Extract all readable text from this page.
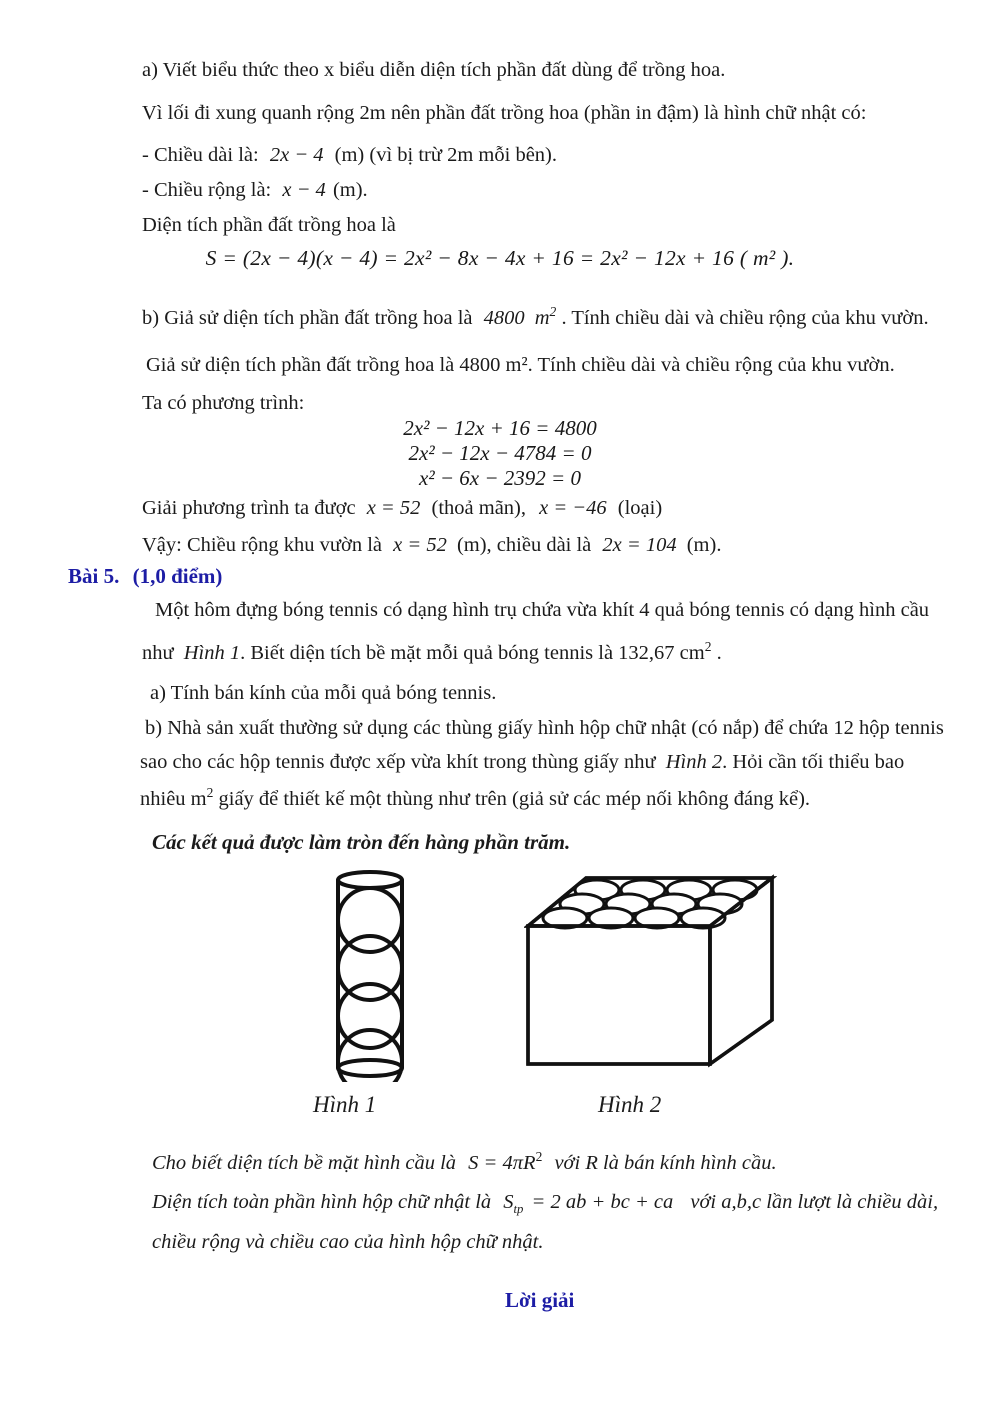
a) Viết biểu thức theo x biểu diễn diện tích phần đất dùng để trồng hoa.
Vì lối đi xung quanh rộng 2m nên phần đất trồng hoa (phần in đậm) là hình chữ nhật có:
- Chiều dài là: 2x − 4 (m) (vì bị trừ 2m mỗi bên).
- Chiều rộng là: x − 4 (m).
Diện tích phần đất trồng hoa là
S = (2x − 4)(x − 4) = 2x² − 8x − 4x + 16 = 2x² − 12x + 16 ( m² ).
b) Giả sử diện tích phần đất trồng hoa là 4800 $m^2$ . Tính chiều dài và chiều rộng của khu vườn.
Giả sử diện tích phần đất trồng hoa là 4800 m². Tính chiều dài và chiều rộng của khu vườn.
Ta có phương trình:
2x² − 12x + 16 = 4800
2x² − 12x − 4784 = 0
x² − 6x − 2392 = 0
Giải phương trình ta được x = 52 (thoả mãn), x = −46 (loại)
Vậy: Chiều rộng khu vườn là x = 52 (m), chiều dài là 2x = 104 (m).
Bài 5. (1,0 điểm)
Một hôm đựng bóng tennis có dạng hình trụ chứa vừa khít 4 quả bóng tennis có dạng hình cầu
như Hình 1. Biết diện tích bề mặt mỗi quả bóng tennis là 132,67 $cm^2$ .
a) Tính bán kính của mỗi quả bóng tennis.
b) Nhà sản xuất thường sử dụng các thùng giấy hình hộp chữ nhật (có nắp) để chứa 12 hộp tennis
sao cho các hộp tennis được xếp vừa khít trong thùng giấy như Hình 2. Hỏi cần tối thiểu bao
nhiêu $m^2$ giấy để thiết kế một thùng như trên (giả sử các mép nối không đáng kể).
Các kết quả được làm tròn đến hàng phần trăm.
Hình 1	Hình 2
Cho biết diện tích bề mặt hình cầu là $S = 4\pi R^2$ với R là bán kính hình cầu.
Diện tích toàn phần hình hộp chữ nhật là $S_{tp} = 2$ ab + bc + ca với a,b,c lần lượt là chiều dài,
chiều rộng và chiều cao của hình hộp chữ nhật.
Lời giải
